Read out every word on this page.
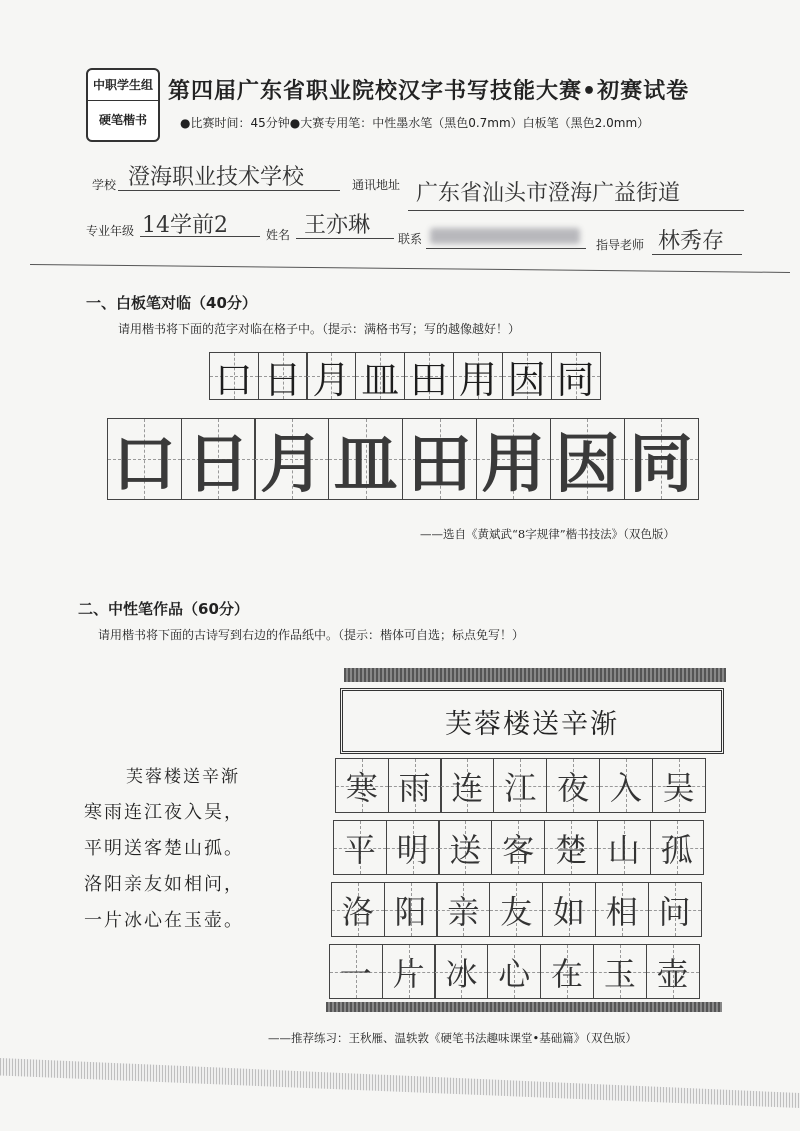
中职学生组
硬笔楷书
第四届广东省职业院校汉字书写技能大赛•初赛试卷
●比赛时间：45分钟●大赛专用笔：中性墨水笔（黑色0.7mm）白板笔（黑色2.0mm）
学校 澄海职业技术学校	通讯地址 广东省汕头市澄海广益街道
专业年级 14学前2	姓名 王亦琳
联系	指导老师 林秀存
一、白板笔对临（40分）
请用楷书将下面的范字对临在格子中。（提示：满格书写；写的越像越好！）
口 日 月 皿 田 用 因 同
口 日 月 皿 田 用 因 同
——选自《黄斌武“8字规律”楷书技法》（双色版）
二、中性笔作品（60分）
请用楷书将下面的古诗写到右边的作品纸中。（提示：楷体可自选；标点免写！）
芙蓉楼送辛渐
寒雨连江夜入吴，
平明送客楚山孤。
洛阳亲友如相问，
一片冰心在玉壶。
芙蓉楼送辛渐
寒 雨 连 江 夜 入 吴
平 明 送 客 楚 山 孤
洛 阳 亲 友 如 相 问
一 片 冰 心 在 玉 壶
——推荐练习：王秋雁、温轶敦《硬笔书法趣味课堂•基础篇》（双色版）
